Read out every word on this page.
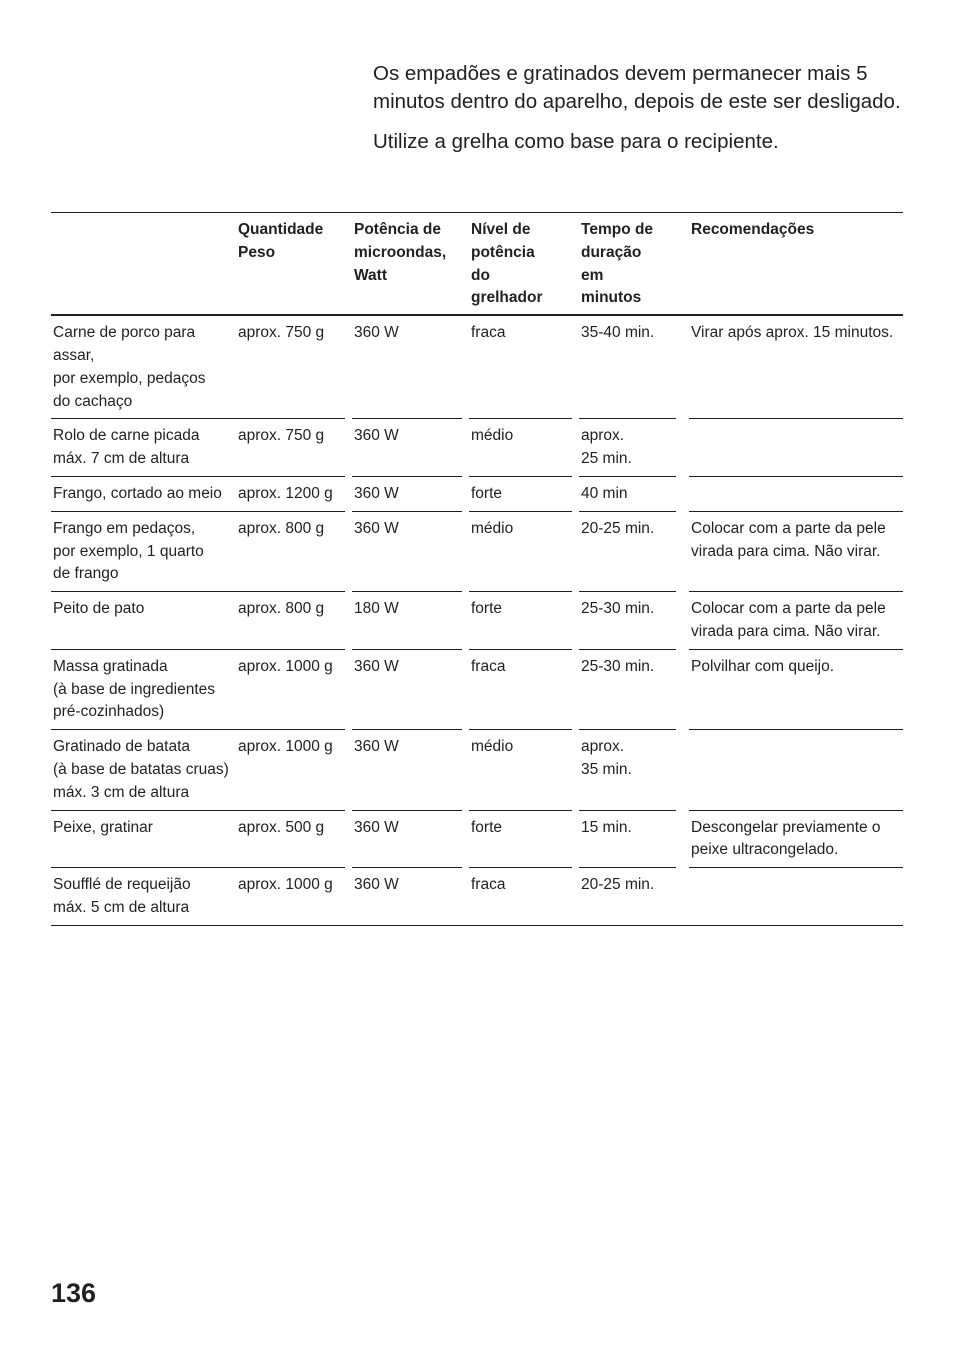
Os empadões e gratinados devem permanecer mais 5 minutos dentro do aparelho, depois de este ser desligado.

Utilize a grelha como base para o recipiente.

	Quantidade
Peso	Potência de
microondas,
Watt	Nível de
potência
do
grelhador	Tempo de
duração
em
minutos	Recomendações

Carne de porco para
assar,
por exemplo, pedaços
do cachaço	aprox. 750 g	360 W	fraca	35-40 min.	Virar após aprox. 15 minutos.

Rolo de carne picada
máx. 7 cm de altura	aprox. 750 g	360 W	médio	aprox.
25 min.	

Frango, cortado ao meio	aprox. 1200 g	360 W	forte	40 min	

Frango em pedaços,
por exemplo, 1 quarto
de frango	aprox. 800 g	360 W	médio	20-25 min.	Colocar com a parte da pele
virada para cima. Não virar.

Peito de pato	aprox. 800 g	180 W	forte	25-30 min.	Colocar com a parte da pele
virada para cima. Não virar.

Massa gratinada
(à base de ingredientes
pré-cozinhados)	aprox. 1000 g	360 W	fraca	25-30 min.	Polvilhar com queijo.

Gratinado de batata
(à base de batatas cruas)
máx. 3 cm de altura	aprox. 1000 g	360 W	médio	aprox.
35 min.	

Peixe, gratinar	aprox. 500 g	360 W	forte	15 min.	Descongelar previamente o
peixe ultracongelado.

Soufflé de requeijão
máx. 5 cm de altura	aprox. 1000 g	360 W	fraca	20-25 min.	

136
